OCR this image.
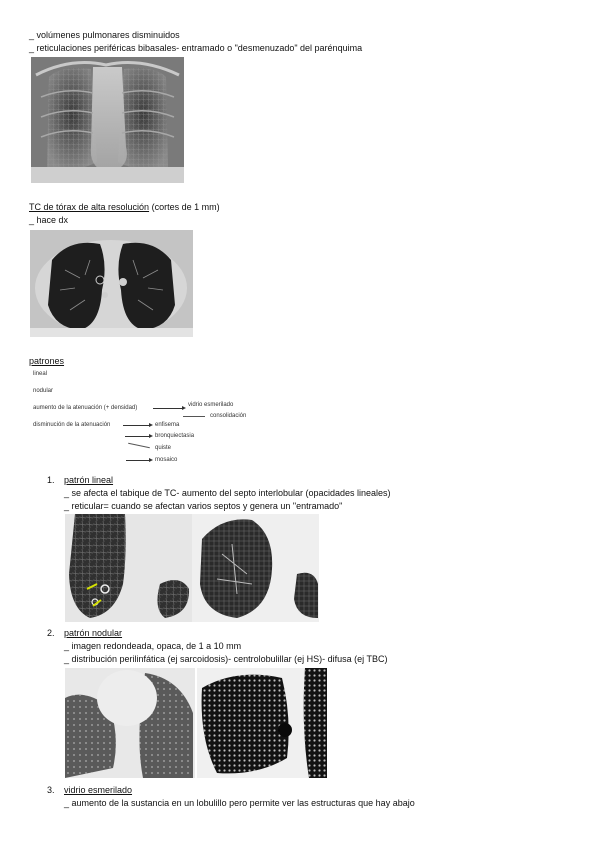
_ volúmenes pulmonares disminuidos
_ reticulaciones periféricas bibasales- entramado o "desmenuzado" del parénquima
TC de tórax de alta resolución (cortes de 1 mm)
_ hace dx
patrones
lineal
nodular
aumento de la atenuación (+ densidad)
disminución de la atenuación
vidrio esmerilado
consolidación
enfisema
bronquiectasia
quiste
mosaico
1. patrón lineal
_ se afecta el tabique de TC- aumento del septo interlobular (opacidades lineales)
_ reticular= cuando se afectan varios septos y genera un "entramado"
2. patrón nodular
_ imagen redondeada, opaca, de 1 a 10 mm
_ distribución perilinfática (ej sarcoidosis)- centrolobulillar (ej HS)- difusa (ej TBC)
3. vidrio esmerilado
_ aumento de la sustancia en un lobulillo pero permite ver las estructuras que hay abajo
